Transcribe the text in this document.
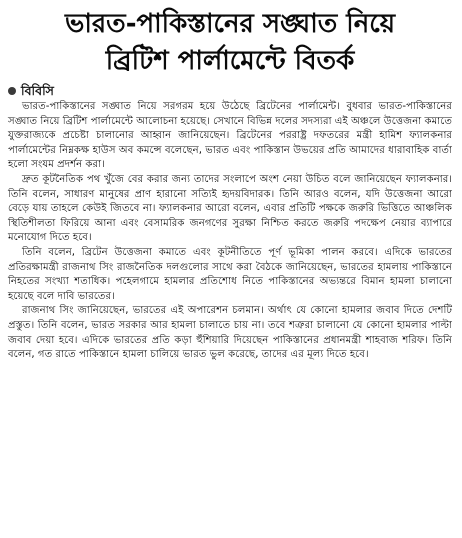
ভারত-পাকিস্তানের সঙ্ঘাত নিয়ে
ব্রিটিশ পার্লামেন্টে বিতর্ক
বিবিসি

ভারত-পাকিস্তানের সঙ্ঘাত নিয়ে সরগরম হয়ে উঠেছে ব্রিটেনের পার্লামেন্ট। বুধবার ভারত-পাকিস্তানের সঙ্ঘাত নিয়ে ব্রিটিশ পার্লামেন্টে আলোচনা হয়েছে। সেখানে বিভিন্ন দলের সদস্যরা এই অঞ্চলে উত্তেজনা কমাতে যুক্তরাজ্যকে প্রচেষ্টা চালানোর আহ্বান জানিয়েছেন। ব্রিটেনের পররাষ্ট্র দফতরের মন্ত্রী হামিশ ফ্যালকনার পার্লামেন্টের নিম্নকক্ষ হাউস অব কমন্সে বলেছেন, ভারত এবং পাকিস্তান উভয়ের প্রতি আমাদের ধারাবাহিক বার্তা হলো সংযম প্রদর্শন করা।

দ্রুত কূটনৈতিক পথ খুঁজে বের করার জন্য তাদের সংলাপে অংশ নেয়া উচিত বলে জানিয়েছেন ফ্যালকনার। তিনি বলেন, সাধারণ মানুষের প্রাণ হারানো সত্যিই হৃদয়বিদারক। তিনি আরও বলেন, যদি উত্তেজনা আরো বেড়ে যায় তাহলে কেউই জিতবে না। ফ্যালকনার আরো বলেন, এবার প্রতিটি পক্ষকে জরুরি ভিত্তিতে আঞ্চলিক স্থিতিশীলতা ফিরিয়ে আনা এবং বেসামরিক জনগণের সুরক্ষা নিশ্চিত করতে জরুরি পদক্ষেপ নেয়ার ব্যাপারে মনোযোগ দিতে হবে।

তিনি বলেন, ব্রিটেন উত্তেজনা কমাতে এবং কূটনীতিতে পূর্ণ ভূমিকা পালন করবে। এদিকে ভারতের প্রতিরক্ষামন্ত্রী রাজনাথ সিং রাজনৈতিক দলগুলোর সাথে করা বৈঠকে জানিয়েছেন, ভারতের হামলায় পাকিস্তানে নিহতের সংখ্যা শতাধিক। পহেলগামে হামলার প্রতিশোধ নিতে পাকিস্তানের অভ্যন্তরে বিমান হামলা চালানো হয়েছে বলে দাবি ভারতের।

রাজনাথ সিং জানিয়েছেন, ভারতের এই অপারেশন চলমান। অর্থাৎ যে কোনো হামলার জবাব দিতে দেশটি প্রস্তুত। তিনি বলেন, ভারত সরকার আর হামলা চালাতে চায় না। তবে শত্রুরা চালানো যে কোনো হামলার পাল্টা জবাব দেয়া হবে। এদিকে ভারতের প্রতি কড়া হুঁশিয়ারি দিয়েছেন পাকিস্তানের প্রধানমন্ত্রী শাহবাজ শরিফ। তিনি বলেন, গত রাতে পাকিস্তানে হামলা চালিয়ে ভারত ভুল করেছে, তাদের এর মূল্য দিতে হবে।
